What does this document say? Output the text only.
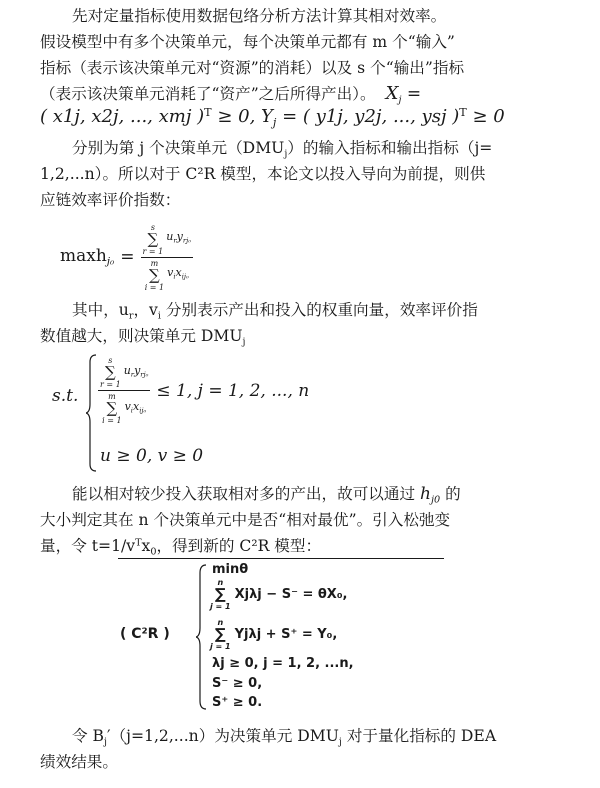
先对定量指标使用数据包络分析方法计算其相对效率。
假设模型中有多个决策单元，每个决策单元都有 m 个“输入”
指标（表示该决策单元对“资源”的消耗）以及 s 个“输出”指标
（表示该决策单元消耗了“资产”之后所得产出）。 $X_j$ =
( x1j, x2j, ..., xmj )$^T$ ≥ 0, $Y_j$ = ( y1j, y2j, ..., ysj )$^T$ ≥ 0
分别为第 j 个决策单元$(DMU_j)$的输入指标和输出指标（j=
1,2,...n）。所以对于 C²R 模型，本论文以投入导向为前提，则供
应链效率评价指数：
maxh$_{j_0}$ = s
∑
r = 1
$u_ry_{rj_0}$
m
∑
i = 1
$v_ix_{ij_0}$
其中，$u_r$，$v_i$ 分别表示产出和投入的权重向量，效率评价指
数值越大，则决策单元 $DMU_j$
s.t. s
∑
r = 1
$u_ry_{rj_0}$
m
∑
i = 1
$v_ix_{ij_0} \le 1$, j = 1, 2, ..., n
u ≥ 0, v ≥ 0
能以相对较少投入获取相对多的产出，故可以通过 $h_{j0}$ 的
大小判定其在 n 个决策单元中是否“相对最优”。引入松弛变
量，令 $t=1/v^Tx_0$，得到新的 C²R 模型：
( C²R )
minθ
n
∑
j = 1
Xjλj − S⁻ = θX₀,
n
∑
j = 1
Yjλj + S⁺ = Y₀,
λj ≥ 0, j = 1, 2, ...n,
S⁻ ≥ 0,
S⁺ ≥ 0.
令 $B_j'(j=1,2,...n)$为决策单元 $DMU_j$ 对于量化指标的 DEA
绩效结果。
